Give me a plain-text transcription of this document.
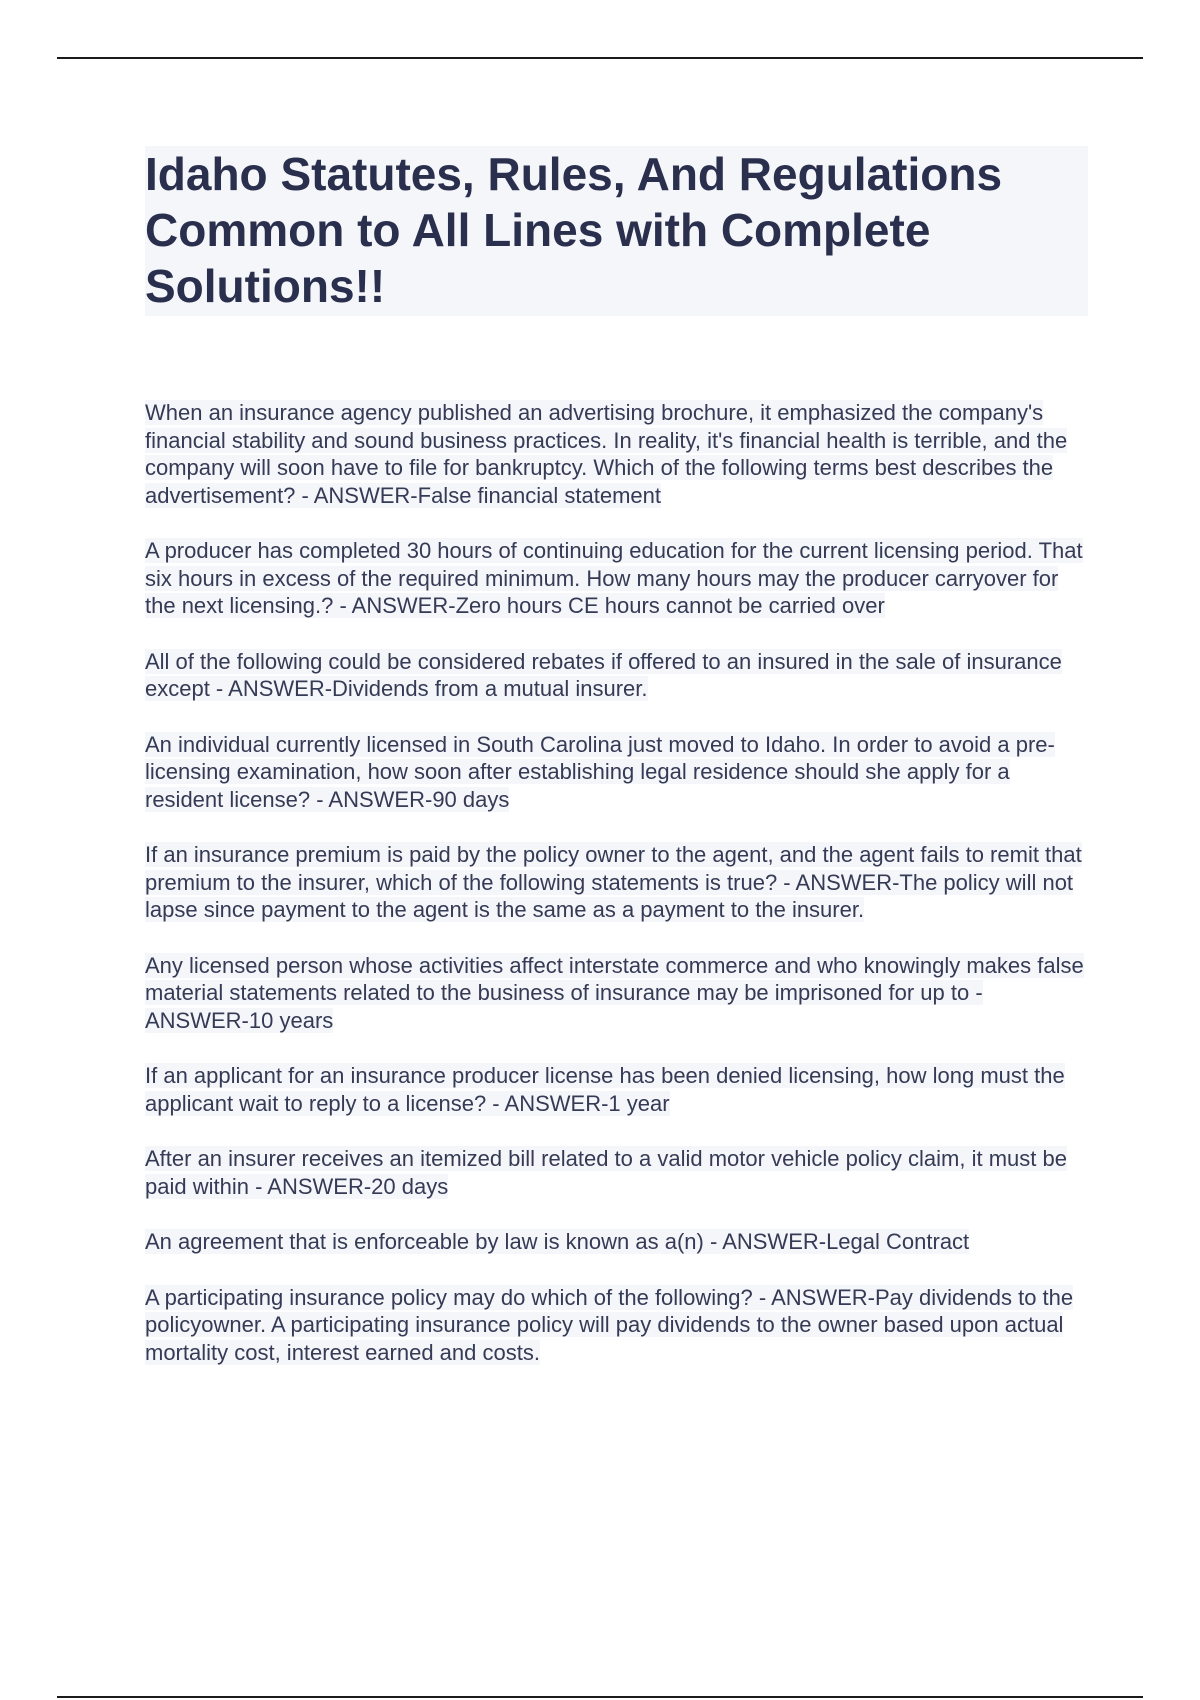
Idaho Statutes, Rules, And Regulations Common to All Lines with Complete Solutions!!

When an insurance agency published an advertising brochure, it emphasized the company's financial stability and sound business practices. In reality, it's financial health is terrible, and the company will soon have to file for bankruptcy. Which of the following terms best describes the advertisement? - ANSWER-False financial statement

A producer has completed 30 hours of continuing education for the current licensing period. That six hours in excess of the required minimum. How many hours may the producer carryover for the next licensing.? - ANSWER-Zero hours CE hours cannot be carried over

All of the following could be considered rebates if offered to an insured in the sale of insurance except - ANSWER-Dividends from a mutual insurer.

An individual currently licensed in South Carolina just moved to Idaho. In order to avoid a pre-licensing examination, how soon after establishing legal residence should she apply for a resident license? - ANSWER-90 days

If an insurance premium is paid by the policy owner to the agent, and the agent fails to remit that premium to the insurer, which of the following statements is true? - ANSWER-The policy will not lapse since payment to the agent is the same as a payment to the insurer.

Any licensed person whose activities affect interstate commerce and who knowingly makes false material statements related to the business of insurance may be imprisoned for up to - ANSWER-10 years

If an applicant for an insurance producer license has been denied licensing, how long must the applicant wait to reply to a license? - ANSWER-1 year

After an insurer receives an itemized bill related to a valid motor vehicle policy claim, it must be paid within - ANSWER-20 days

An agreement that is enforceable by law is known as a(n) - ANSWER-Legal Contract

A participating insurance policy may do which of the following? - ANSWER-Pay dividends to the policyowner. A participating insurance policy will pay dividends to the owner based upon actual mortality cost, interest earned and costs.
